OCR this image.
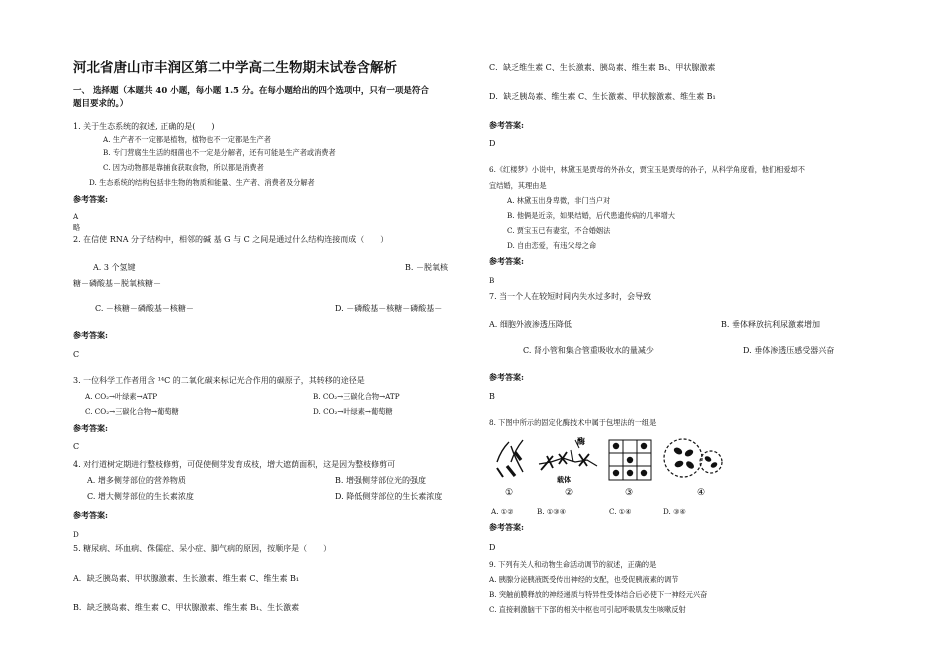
河北省唐山市丰润区第二中学高二生物期末试卷含解析
一、 选择题（本题共 40 小题，每小题 1.5 分。在每小题给出的四个选项中，只有一项是符合
题目要求的。）
1. 关于生态系统的叙述, 正确的是(　　)
A. 生产者不一定都是植物，植物也不一定都是生产者
B. 专门营腐生生活的细菌也不一定是分解者，还有可能是生产者或消费者
C. 因为动物都是靠捕食获取食物，所以都是消费者
D. 生态系统的结构包括非生物的物质和能量、生产者、消费者及分解者
参考答案:
A
略
2. 在信使 RNA 分子结构中，相邻的碱 基 G 与 C 之间是通过什么结构连接而成（　　）
A. 3 个氢键	B. －脱氧核
糖－磷酸基－脱氧核糖－
C. －核糖－磷酸基－核糖－	D. －磷酸基－核糖－磷酸基－
参考答案:
C
3. 一位科学工作者用含 ¹⁴C 的二氧化碳来标记光合作用的碳原子，其转移的途径是
A. CO₂→叶绿素→ATP	B. CO₂→三碳化合物→ATP
C. CO₂→三碳化合物→葡萄糖	D. CO₂→叶绿素→葡萄糖
参考答案:
C
4. 对行道树定期进行整枝修剪，可促使侧芽发育成枝，增大遮荫面积，这是因为整枝修剪可
A. 增多侧芽部位的营养物质	B. 增强侧芽部位光的强度
C. 增大侧芽部位的生长素浓度	D. 降低侧芽部位的生长素浓度
参考答案:
D
5. 糖尿病、坏血病、侏儒症、呆小症、脚气病的原因，按顺序是（　　）
A．缺乏胰岛素、甲状腺激素、生长激素、维生素 C、维生素 B₁
B．缺乏胰岛素、维生素 C、甲状腺激素、维生素 B₁、生长激素
C．缺乏维生素 C、生长激素、胰岛素、维生素 B₁、甲状腺激素
D．缺乏胰岛素、维生素 C、生长激素、甲状腺激素、维生素 B₁
参考答案:
D
6.《红楼梦》小说中，林黛玉是贾母的外孙女，贾宝玉是贾母的孙子，从科学角度看，他们相爱却不
宜结婚，其理由是
A. 林黛玉出身卑微，非门当户对
B. 他俩是近亲，如果结婚，后代患遗传病的几率增大
C. 贾宝玉已有妻室，不合婚姻法
D. 自由恋爱，有违父母之命
参考答案:
B
7. 当一个人在较短时间内失水过多时，会导致
A. 细胞外液渗透压降低	B. 垂体释放抗利尿激素增加
C. 肾小管和集合管重吸收水的量减少	D. 垂体渗透压感受器兴奋
参考答案:
B
8. 下图中所示的固定化酶技术中属于包埋法的一组是
①
酶
载体
②	③	④
A. ①②	B. ①③④	C. ①④	D. ③④
参考答案:
D
9. 下列有关人和动物生命活动调节的叙述，正确的是
A. 胰腺分泌胰液既受传出神经的支配，也受促胰液素的调节
B. 突触前膜释放的神经递质与特异性受体结合后必使下一神经元兴奋
C. 直接刺激脑干下部的相关中枢也可引起呼吸肌发生咳嗽反射
